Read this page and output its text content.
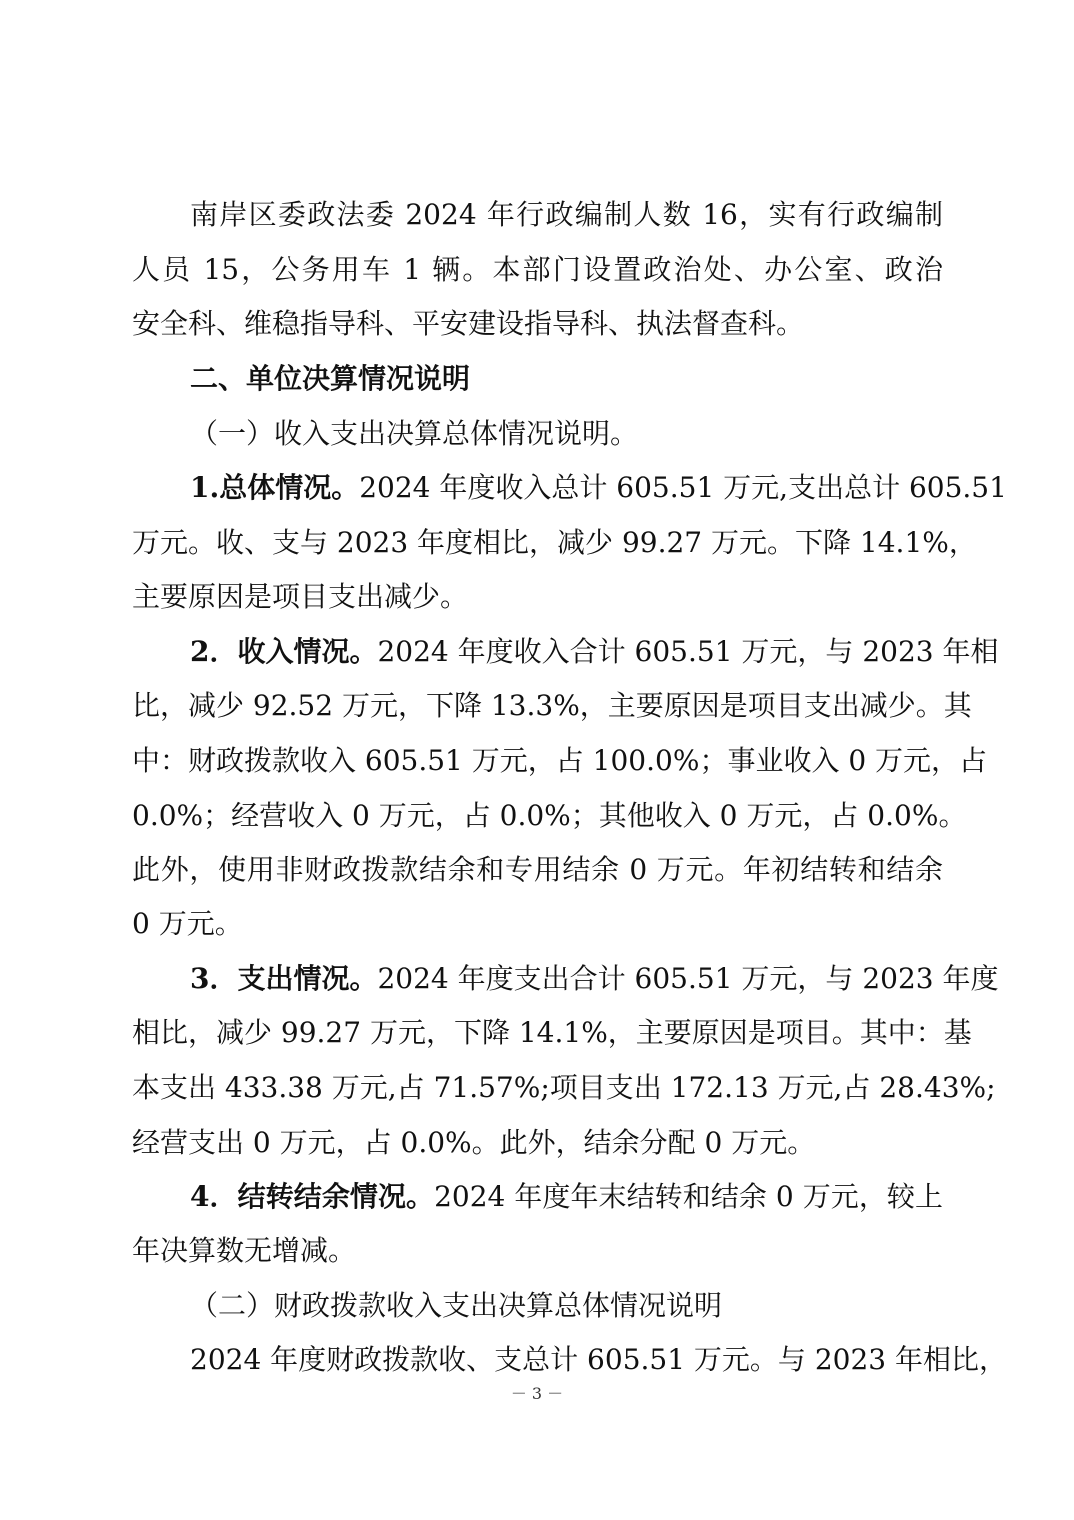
南岸区委政法委 2024 年行政编制人数 16，实有行政编制

人员 15，公务用车 1 辆。本部门设置政治处、办公室、政治

安全科、维稳指导科、平安建设指导科、执法督查科。

二、单位决算情况说明

（一）收入支出决算总体情况说明。

1.总体情况。2024 年度收入总计 605.51 万元,支出总计 605.51

万元。收、支与 2023 年度相比，减少 99.27 万元。下降 14.1%，

主要原因是项目支出减少。

2．收入情况。2024 年度收入合计 605.51 万元，与 2023 年相

比，减少 92.52 万元，下降 13.3%，主要原因是项目支出减少。其

中：财政拨款收入 605.51 万元，占 100.0%；事业收入 0 万元，占

0.0%；经营收入 0 万元，占 0.0%；其他收入 0 万元，占 0.0%。

此外，使用非财政拨款结余和专用结余 0 万元。年初结转和结余

0 万元。

3．支出情况。2024 年度支出合计 605.51 万元，与 2023 年度

相比，减少 99.27 万元，下降 14.1%，主要原因是项目。其中：基

本支出 433.38 万元,占 71.57%;项目支出 172.13 万元,占 28.43%;

经营支出 0 万元，占 0.0%。此外，结余分配 0 万元。

4．结转结余情况。2024 年度年末结转和结余 0 万元，较上

年决算数无增减。

（二）财政拨款收入支出决算总体情况说明

2024 年度财政拨款收、支总计 605.51 万元。与 2023 年相比，

－ 3 －
